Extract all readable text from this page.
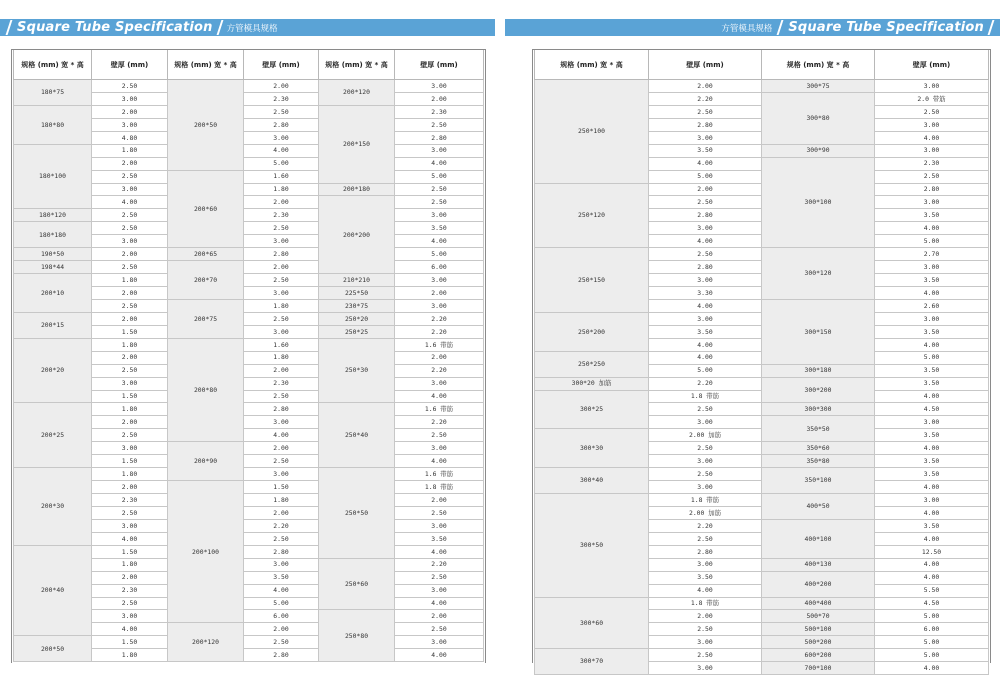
Square Tube Specification 方管模具规格	方管模具规格 Square Tube Specification
规格 (mm) 宽 * 高	壁厚 (mm)	规格 (mm) 宽 * 高	壁厚 (mm)	规格 (mm) 宽 * 高	壁厚 (mm)
180*75	2.50	200*50	2.00	200*120	3.00
	3.00		2.30		2.00
180*80	2.00		2.50	200*150	2.30
	3.00		2.80		2.50
	4.80		3.00		2.80
180*100	1.80		4.00		3.00
	2.00		5.00		4.00
	2.50	200*60	1.60		5.00
	3.00		1.80	200*180	2.50
	4.00		2.00	200*200	2.50
180*120	2.50		2.30		3.00
180*180	2.50		2.50		3.50
	3.00		3.00		4.00
190*50	2.00	200*65	2.80		5.00
198*44	2.50	200*70	2.00		6.00
200*10	1.80		2.50	210*210	3.00
	2.00		3.00	225*50	2.00
	2.50	200*75	1.80	230*75	3.00
200*15	2.00		2.50	250*20	2.20
	1.50		3.00	250*25	2.20
200*20	1.80	200*80	1.60	250*30	1.6 带筋
	2.00		1.80		2.00
	2.50		2.00		2.20
	3.00		2.30		3.00
	1.50		2.50		4.00
200*25	1.80		2.80	250*40	1.6 带筋
	2.00		3.00		2.20
	2.50		4.00		2.50
	3.00	200*90	2.00		3.00
	1.50		2.50		4.00
200*30	1.80		3.00	250*50	1.6 带筋
	2.00	200*100	1.50		1.8 带筋
	2.30		1.80		2.00
	2.50		2.00		2.50
	3.00		2.20		3.00
	4.00		2.50		3.50
200*40	1.50		2.80		4.00
	1.80		3.00	250*60	2.20
	2.00		3.50		2.50
	2.30		4.00		3.00
	2.50		5.00		4.00
	3.00		6.00	250*80	2.00
	4.00	200*120	2.00		2.50
200*50	1.50		2.50		3.00
	1.80		2.80		4.00
规格 (mm) 宽 * 高	壁厚 (mm)	规格 (mm) 宽 * 高	壁厚 (mm)
250*100	2.00	300*75	3.00
	2.20	300*80	2.0 带筋
	2.50		2.50
	2.80		3.00
	3.00		4.00
	3.50	300*90	3.00
	4.00	300*100	2.30
	5.00		2.50
250*120	2.00		2.80
	2.50		3.00
	2.80		3.50
	3.00		4.00
	4.00		5.00
250*150	2.50	300*120	2.70
	2.80		3.00
	3.00		3.50
	3.30		4.00
	4.00	300*150	2.60
250*200	3.00		3.00
	3.50		3.50
	4.00		4.00
250*250	4.00		5.00
	5.00	300*180	3.50
300*20 加筋	2.20	300*200	3.50
300*25	1.8 带筋		4.00
	2.50	300*300	4.50
	3.00	350*50	3.00
300*30	2.00 加筋		3.50
	2.50	350*60	4.00
	3.00	350*80	3.50
300*40	2.50	350*100	3.50
	3.00		4.00
300*50	1.8 带筋	400*50	3.00
	2.00 加筋		4.00
	2.20	400*100	3.50
	2.50		4.00
	2.80		12.50
	3.00	400*130	4.00
	3.50	400*200	4.00
	4.00		5.50
300*60	1.8 带筋	400*400	4.50
	2.00	500*70	5.00
	2.50	500*100	6.00
	3.00	500*200	5.00
300*70	2.50	600*200	5.00
	3.00	700*100	4.00
